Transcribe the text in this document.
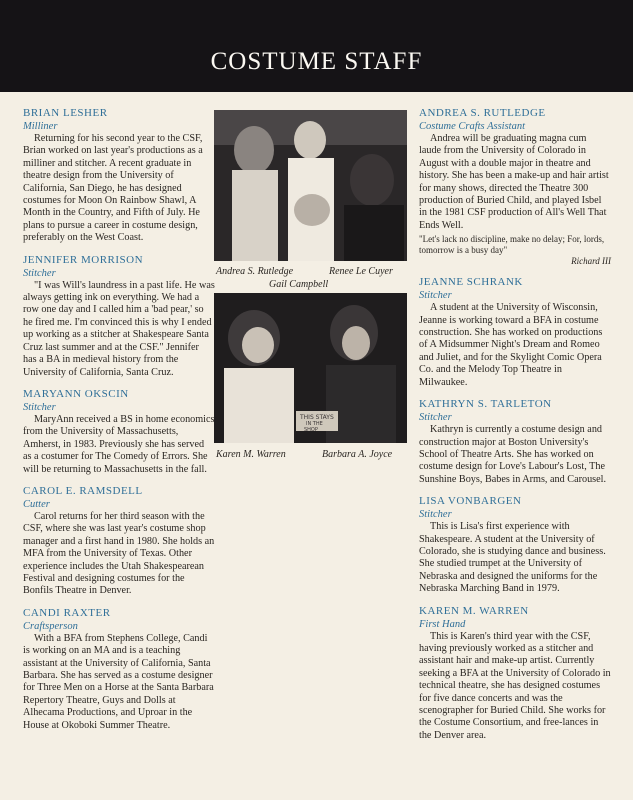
COSTUME STAFF
BRIAN LESHER
Milliner

Returning for his second year to the CSF, Brian worked on last year's productions as a milliner and stitcher. A recent graduate in theatre design from the University of California, San Diego, he has designed costumes for Moon On Rainbow Shawl, A Month in the Country, and Fifth of July. He plans to pursue a career in costume design, preferably on the West Coast.

JENNIFER MORRISON
Stitcher

"I was Will's laundress in a past life. He was always getting ink on everything. We had a row one day and I called him a 'bad pear,' so he fired me. I'm convinced this is why I ended up working as a stitcher at Shakespeare Santa Cruz last summer and at the CSF." Jennifer has a BA in medieval history from the University of California, Santa Cruz.

MARYANN OKSCIN
Stitcher

MaryAnn received a BS in home economics from the University of Massachusetts, Amherst, in 1983. Previously she has served as a costumer for The Comedy of Errors. She will be returning to Massachusetts in the fall.

CAROL E. RAMSDELL
Cutter

Carol returns for her third season with the CSF, where she was last year's costume shop manager and a first hand in 1980. She holds an MFA from the University of Texas. Other experience includes the Utah Shakespearean Festival and designing costumes for the Bonfils Theatre in Denver.

CANDI RAXTER
Craftsperson

With a BFA from Stephens College, Candi is working on an MA and is a teaching assistant at the University of California, Santa Barbara. She has served as a costume designer for Three Men on a Horse at the Santa Barbara Repertory Theatre, Guys and Dolls at Alhecama Productions, and Uproar in the House at Okoboki Summer Theatre.

Andrea S. Rutledge	Renee Le Cuyer
Gail Campbell
THIS STAYS
IN THE
SHOP
Karen M. Warren	Barbara A. Joyce
ANDREA S. RUTLEDGE
Costume Crafts Assistant

Andrea will be graduating magna cum laude from the University of Colorado in August with a double major in theatre and history. She has been a make-up and hair artist for many shows, directed the Theatre 300 production of Buried Child, and played Isbel in the 1981 CSF production of All's Well That Ends Well.

"Let's lack no discipline, make no delay; For, lords, tomorrow is a busy day"

Richard III
JEANNE SCHRANK
Stitcher

A student at the University of Wisconsin, Jeanne is working toward a BFA in costume construction. She has worked on productions of A Midsummer Night's Dream and Romeo and Juliet, and for the Skylight Comic Opera Co. and the Melody Top Theatre in Milwaukee.

KATHRYN S. TARLETON
Stitcher

Kathryn is currently a costume design and construction major at Boston University's School of Theatre Arts. She has worked on costume design for Love's Labour's Lost, The Sunshine Boys, Babes in Arms, and Carousel.

LISA VONBARGEN
Stitcher

This is Lisa's first experience with Shakespeare. A student at the University of Colorado, she is studying dance and business. She studied trumpet at the University of Nebraska and designed the uniforms for the Nebraska Marching Band in 1979.

KAREN M. WARREN
First Hand

This is Karen's third year with the CSF, having previously worked as a stitcher and assistant hair and make-up artist. Currently seeking a BFA at the University of Colorado in technical theatre, she has designed costumes for five dance concerts and was the scenographer for Buried Child. She works for the Costume Consortium, and free-lances in the Denver area.
